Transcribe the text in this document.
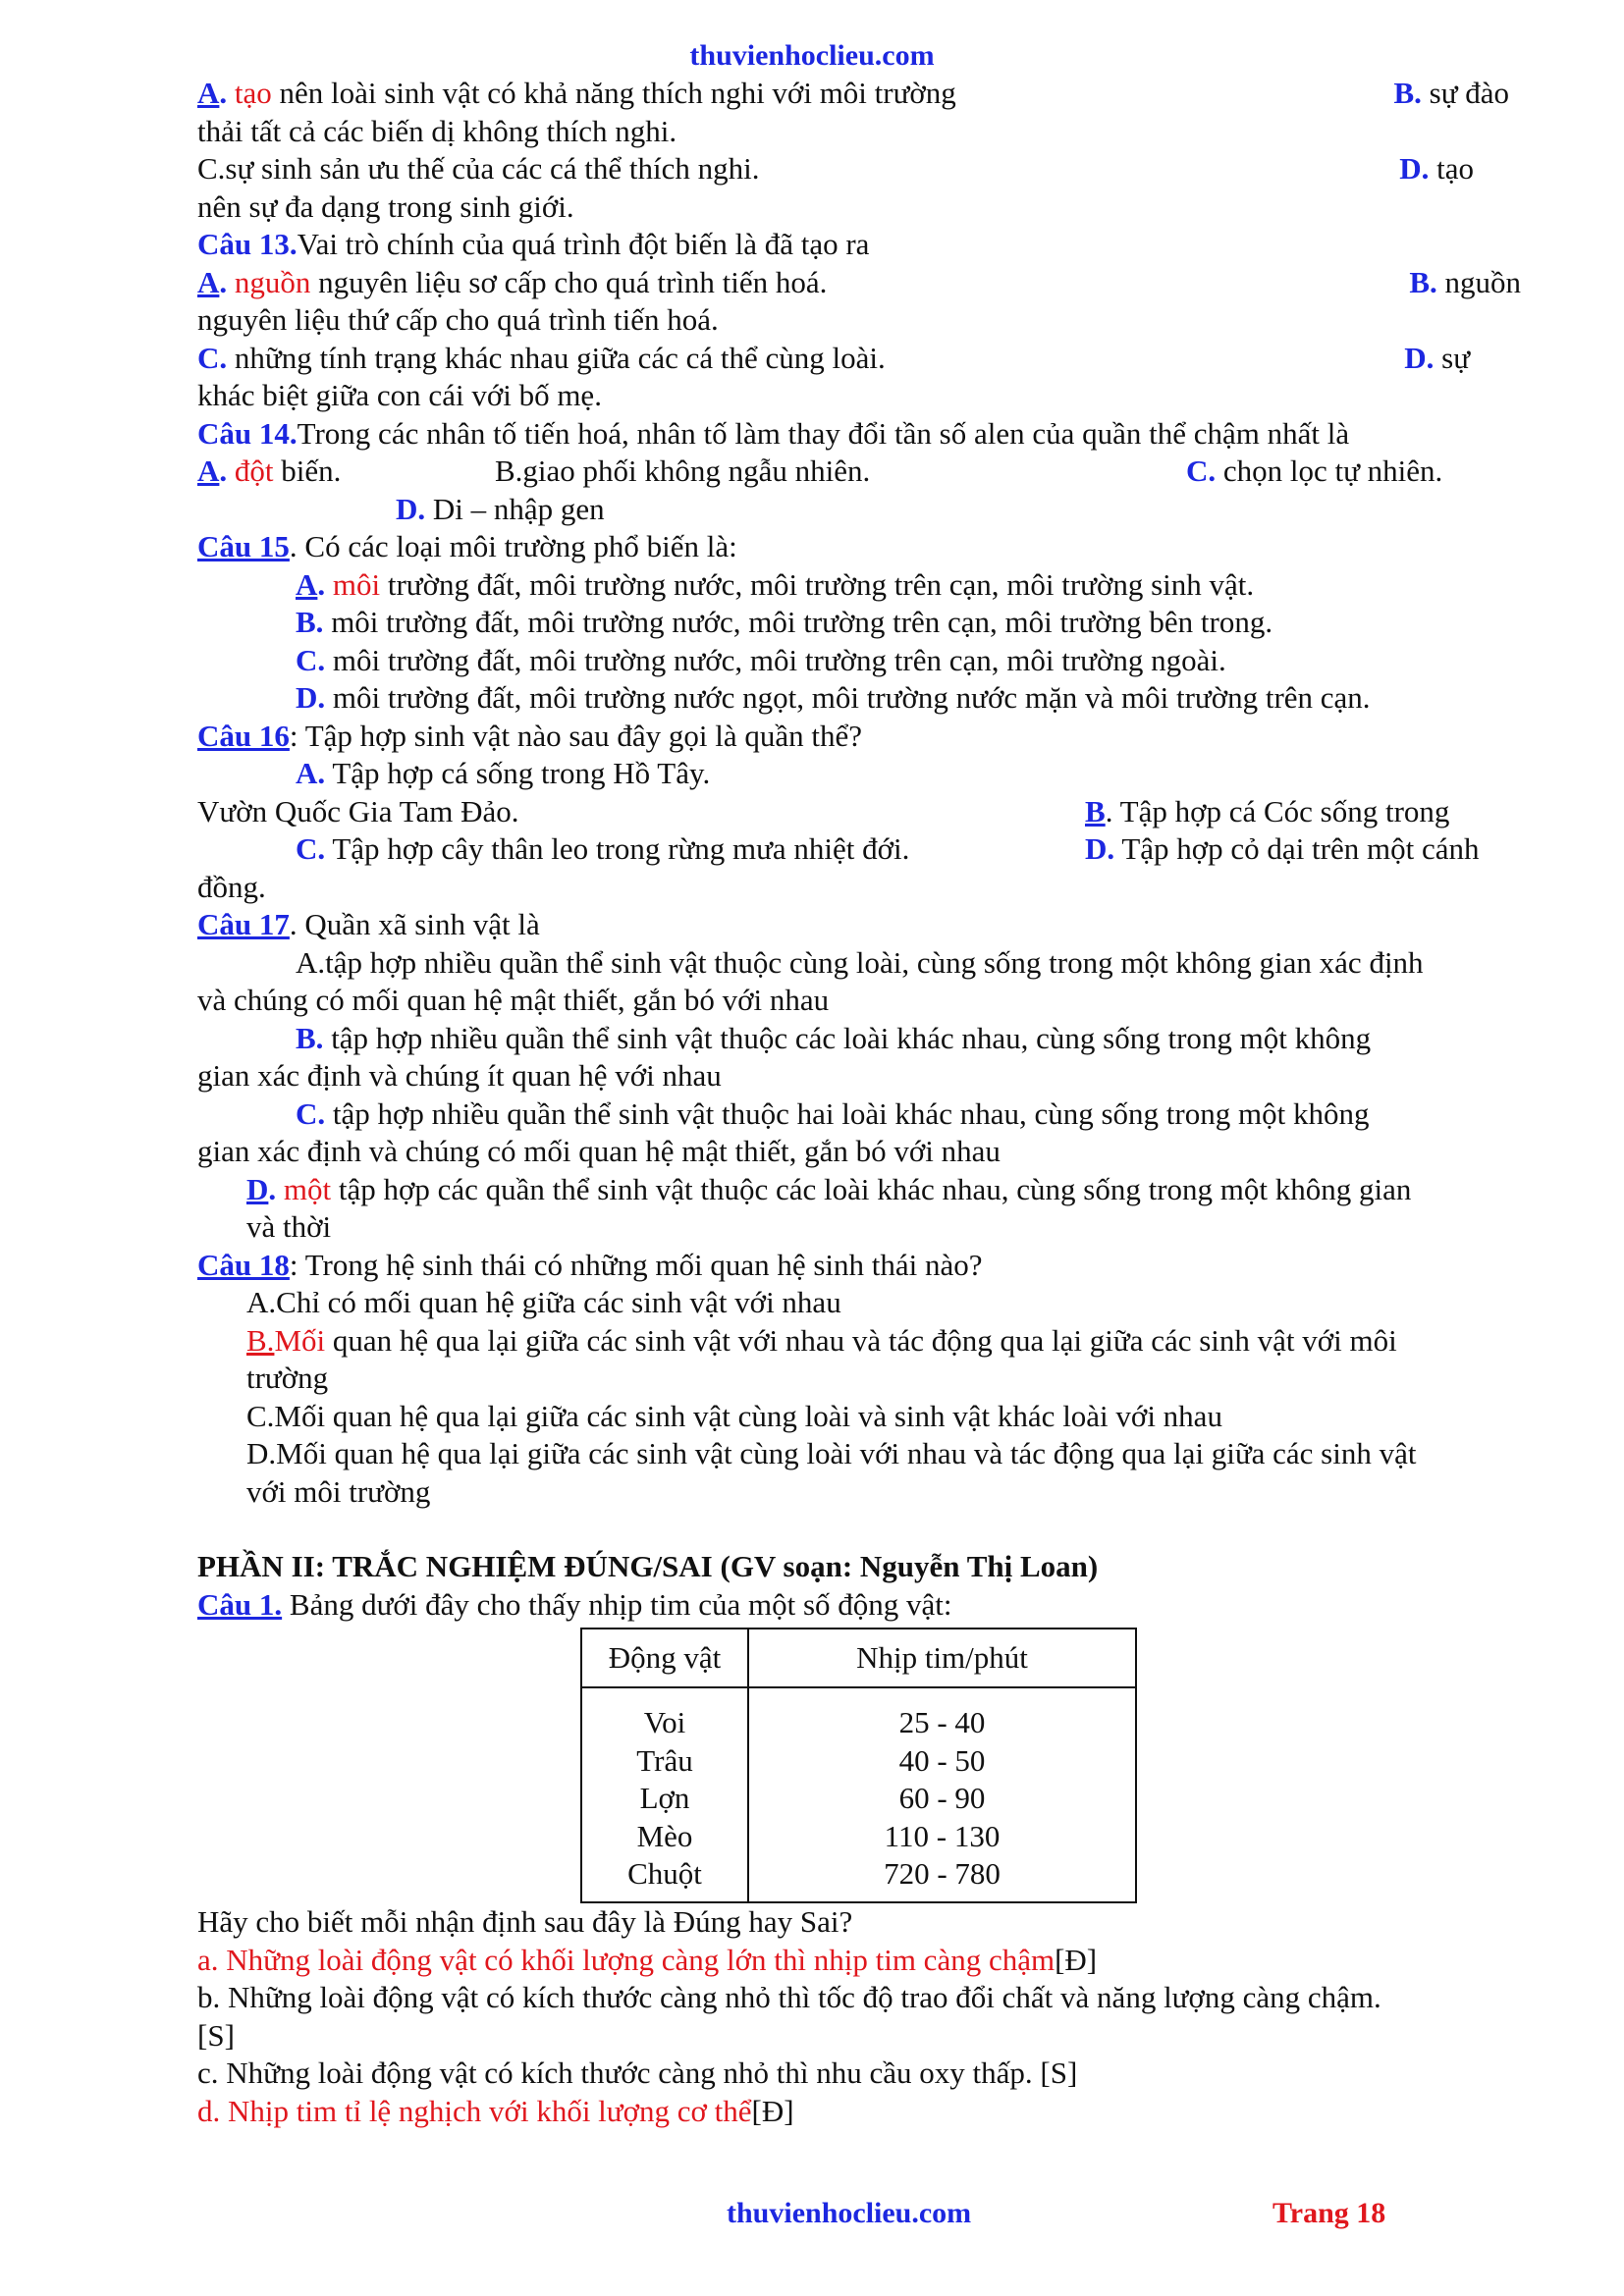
thuvienhoclieu.com
A. tạo nên loài sinh vật có khả năng thích nghi với môi trường	B. sự đào
thải tất cả các biến dị không thích nghi.
C.sự sinh sản ưu thế của các cá thể thích nghi.	D. tạo
nên sự đa dạng trong sinh giới.
Câu 13.Vai trò chính của quá trình đột biến là đã tạo ra
A. nguồn nguyên liệu sơ cấp cho quá trình tiến hoá.	B. nguồn
nguyên liệu thứ cấp cho quá trình tiến hoá.
C. những tính trạng khác nhau giữa các cá thể cùng loài.	D. sự
khác biệt giữa con cái với bố mẹ.
Câu 14.Trong các nhân tố tiến hoá, nhân tố làm thay đổi tần số alen của quần thể chậm nhất là
A. đột biến.	B.giao phối không ngẫu nhiên.	C. chọn lọc tự nhiên.
D. Di – nhập gen
Câu 15. Có các loại môi trường phổ biến là:
A. môi trường đất, môi trường nước, môi trường trên cạn, môi trường sinh vật.
B. môi trường đất, môi trường nước, môi trường trên cạn, môi trường bên trong.
C. môi trường đất, môi trường nước, môi trường trên cạn, môi trường ngoài.
D. môi trường đất, môi trường nước ngọt, môi trường nước mặn và môi trường trên cạn.
Câu 16: Tập hợp sinh vật nào sau đây gọi là quần thể?
A. Tập hợp cá sống trong Hồ Tây.
B. Tập hợp cá Cóc sống trong
Vườn Quốc Gia Tam Đảo.
C. Tập hợp cây thân leo trong rừng mưa nhiệt đới.	D. Tập hợp cỏ dại trên một cánh
đồng.
Câu 17. Quần xã sinh vật là
A.tập hợp nhiều quần thể sinh vật thuộc cùng loài, cùng sống trong một không gian xác định
và chúng có mối quan hệ mật thiết, gắn bó với nhau
B. tập hợp nhiều quần thể sinh vật thuộc các loài khác nhau, cùng sống trong một không
gian xác định và chúng ít quan hệ với nhau
C. tập hợp nhiều quần thể sinh vật thuộc hai loài khác nhau, cùng sống trong một không
gian xác định và chúng có mối quan hệ mật thiết, gắn bó với nhau
D. một tập hợp các quần thể sinh vật thuộc các loài khác nhau, cùng sống trong một không gian
và thời
Câu 18: Trong hệ sinh thái có những mối quan hệ sinh thái nào?
A.Chỉ có mối quan hệ giữa các sinh vật với nhau
B.Mối quan hệ qua lại giữa các sinh vật với nhau và tác động qua lại giữa các sinh vật với môi
trường
C.Mối quan hệ qua lại giữa các sinh vật cùng loài và sinh vật khác loài với nhau
D.Mối quan hệ qua lại giữa các sinh vật cùng loài với nhau và tác động qua lại giữa các sinh vật
với môi trường
PHẦN II: TRẮC NGHIỆM ĐÚNG/SAI (GV soạn: Nguyễn Thị Loan)
Câu 1. Bảng dưới đây cho thấy nhịp tim của một số động vật:
Động vật	Nhịp tim/phút
Voi	25 - 40
Trâu	40 - 50
Lợn	60 - 90
Mèo	110 - 130
Chuột	720 - 780
Hãy cho biết mỗi nhận định sau đây là Đúng hay Sai?
a. Những loài động vật có khối lượng càng lớn thì nhịp tim càng chậm[Đ]
b. Những loài động vật có kích thước càng nhỏ thì tốc độ trao đổi chất và năng lượng càng chậm.
[S]
c. Những loài động vật có kích thước càng nhỏ thì nhu cầu oxy thấp. [S]
d. Nhịp tim tỉ lệ nghịch với khối lượng cơ thể[Đ]
thuvienhoclieu.com	Trang 18
